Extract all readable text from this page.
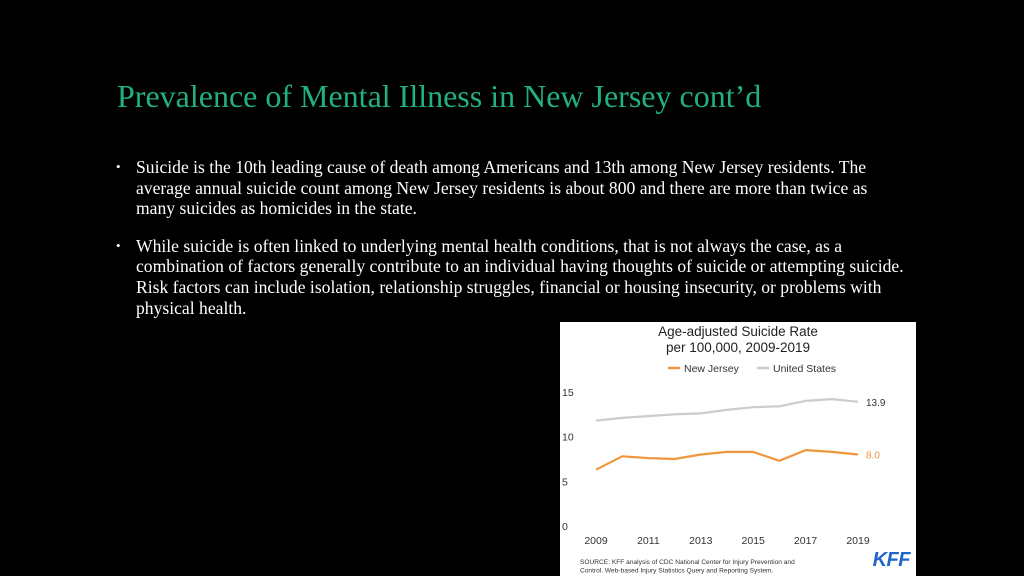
Prevalence of Mental Illness in New Jersey cont’d
• Suicide is the 10th leading cause of death among Americans and 13th among New Jersey residents. The average annual suicide count among New Jersey residents is about 800 and there are more than twice as many suicides as homicides in the state.
• While suicide is often linked to underlying mental health conditions, that is not always the case, as a combination of factors generally contribute to an individual having thoughts of suicide or attempting suicide. Risk factors can include isolation, relationship struggles, financial or housing insecurity, or problems with physical health.
Age-adjusted Suicide Rate
per 100,000, 2009-2019
New Jersey	United States
0
5
10
15
2009	2011	2013	2015	2017	2019
8.0
13.9
SOURCE: KFF analysis of CDC National Center for Injury Prevention and
Control. Web-based Injury Statistics Query and Reporting System.	KFF
